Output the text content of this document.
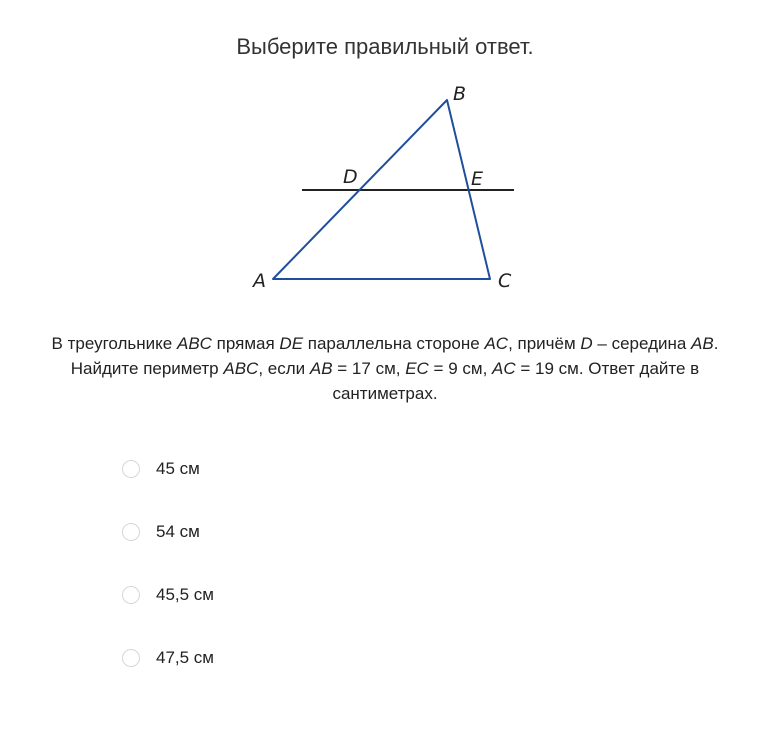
Выберите правильный ответ.
B
D	E
A	C
В треугольнике ABC прямая DE параллельна стороне AC, причём D – середина AB.
Найдите периметр ABC, если AB = 17 см, EC = 9 см, AC = 19 см. Ответ дайте в
сантиметрах.
45 см
54 см
45,5 см
47,5 см
